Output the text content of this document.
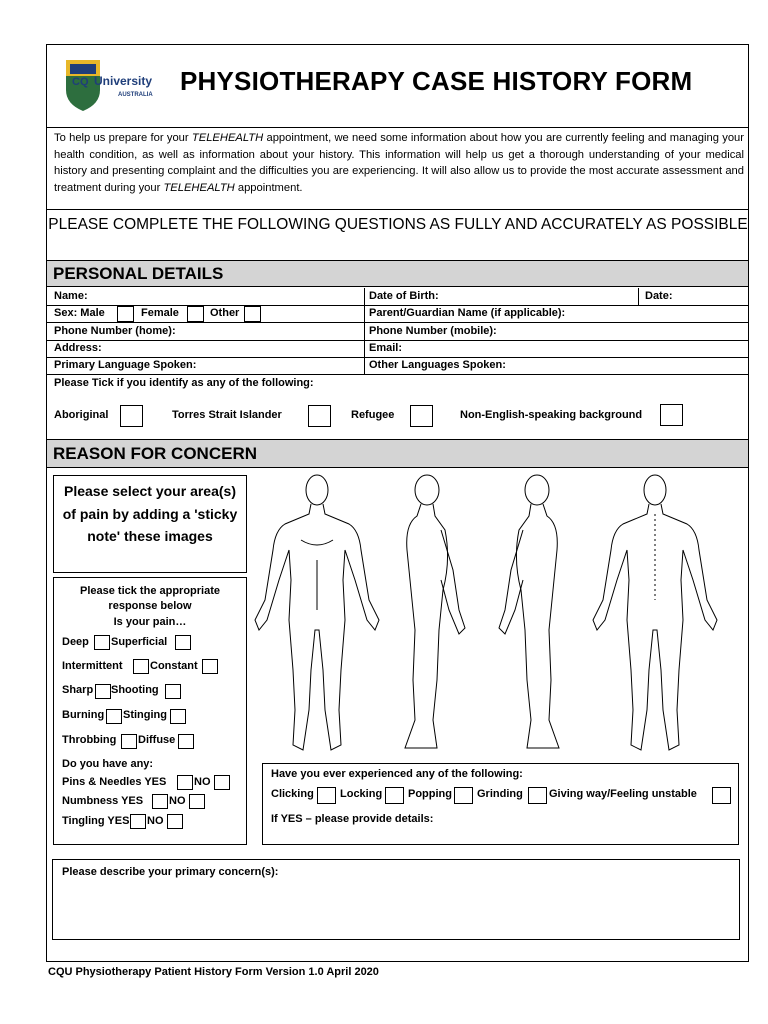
CQ University
AUSTRALIA PHYSIOTHERAPY CASE HISTORY FORM
To help us prepare for your TELEHEALTH appointment, we need some information about how you are currently feeling and managing your health condition, as well as information about your history. This information will help us get a thorough understanding of your medical history and presenting complaint and the difficulties you are experiencing. It will also allow us to provide the most accurate assessment and treatment during your TELEHEALTH appointment.
PLEASE COMPLETE THE FOLLOWING QUESTIONS AS FULLY AND ACCURATELY AS POSSIBLE
PERSONAL DETAILS
Name:	Date of Birth:	Date:
Sex: Male	Female	Other	Parent/Guardian Name (if applicable):
Phone Number (home):	Phone Number (mobile):
Address:	Email:
Primary Language Spoken:	Other Languages Spoken:
Please Tick if you identify as any of the following:
Aboriginal	Torres Strait Islander	Refugee	Non-English-speaking background
REASON FOR CONCERN
Please select your area(s) of pain by adding a 'sticky note' these images
Please tick the appropriate response below
Is your pain…
Deep Superficial
Intermittent	Constant
Sharp Shooting
Burning Stinging
Throbbing Diffuse
Do you have any:
Pins & Needles YES	NO
Numbness YES NO
Tingling YES NO
Have you ever experienced any of the following:
Clicking Locking Popping Grinding Giving way/Feeling unstable
If YES – please provide details:
Please describe your primary concern(s):
CQU Physiotherapy Patient History Form Version 1.0 April 2020
